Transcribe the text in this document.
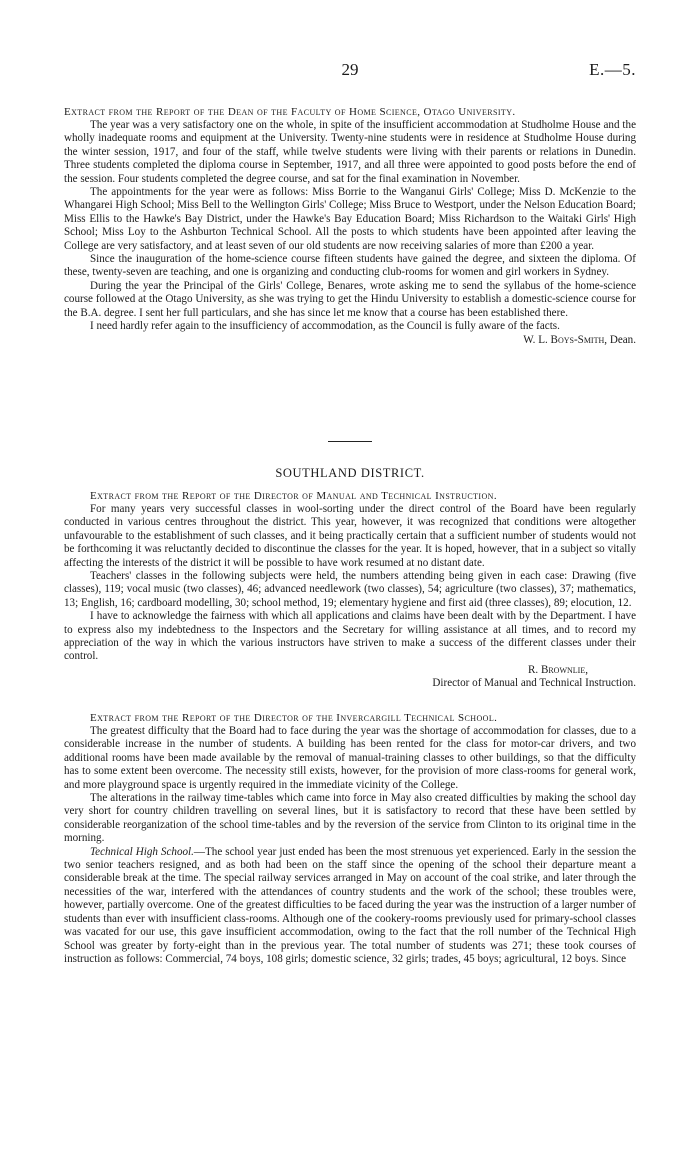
29	E.—5.
Extract from the Report of the Dean of the Faculty of Home Science, Otago University.

The year was a very satisfactory one on the whole, in spite of the insufficient accommodation at Studholme House and the wholly inadequate rooms and equipment at the University. Twenty-nine students were in residence at Studholme House during the winter session, 1917, and four of the staff, while twelve students were living with their parents or relations in Dunedin. Three students completed the diploma course in September, 1917, and all three were appointed to good posts before the end of the session. Four students completed the degree course, and sat for the final examination in November.

The appointments for the year were as follows: Miss Borrie to the Wanganui Girls' College; Miss D. McKenzie to the Whangarei High School; Miss Bell to the Wellington Girls' College; Miss Bruce to Westport, under the Nelson Education Board; Miss Ellis to the Hawke's Bay District, under the Hawke's Bay Education Board; Miss Richardson to the Waitaki Girls' High School; Miss Loy to the Ashburton Technical School. All the posts to which students have been appointed after leaving the College are very satisfactory, and at least seven of our old students are now receiving salaries of more than £200 a year.

Since the inauguration of the home-science course fifteen students have gained the degree, and sixteen the diploma. Of these, twenty-seven are teaching, and one is organizing and conducting club-rooms for women and girl workers in Sydney.

During the year the Principal of the Girls' College, Benares, wrote asking me to send the syllabus of the home-science course followed at the Otago University, as she was trying to get the Hindu University to establish a domestic-science course for the B.A. degree. I sent her full particulars, and she has since let me know that a course has been established there.

I need hardly refer again to the insufficiency of accommodation, as the Council is fully aware of the facts.
W. L. Boys-Smith, Dean.

SOUTHLAND DISTRICT.
Extract from the Report of the Director of Manual and Technical Instruction.

For many years very successful classes in wool-sorting under the direct control of the Board have been regularly conducted in various centres throughout the district. This year, however, it was recognized that conditions were altogether unfavourable to the establishment of such classes, and it being practically certain that a sufficient number of students would not be forthcoming it was reluctantly decided to discontinue the classes for the year. It is hoped, however, that in a subject so vitally affecting the interests of the district it will be possible to have work resumed at no distant date.

Teachers' classes in the following subjects were held, the numbers attending being given in each case: Drawing (five classes), 119; vocal music (two classes), 46; advanced needlework (two classes), 54; agriculture (two classes), 37; mathematics, 13; English, 16; cardboard modelling, 30; school method, 19; elementary hygiene and first aid (three classes), 89; elocution, 12.

I have to acknowledge the fairness with which all applications and claims have been dealt with by the Department. I have to express also my indebtedness to the Inspectors and the Secretary for willing assistance at all times, and to record my appreciation of the way in which the various instructors have striven to make a success of the different classes under their control.

R. Brownlie,
Director of Manual and Technical Instruction.
Extract from the Report of the Director of the Invercargill Technical School.

The greatest difficulty that the Board had to face during the year was the shortage of accommodation for classes, due to a considerable increase in the number of students. A building has been rented for the class for motor-car drivers, and two additional rooms have been made available by the removal of manual-training classes to other buildings, so that the difficulty has to some extent been overcome. The necessity still exists, however, for the provision of more class-rooms for general work, and more playground space is urgently required in the immediate vicinity of the College.

The alterations in the railway time-tables which came into force in May also created difficulties by making the school day very short for country children travelling on several lines, but it is satisfactory to record that these have been settled by considerable reorganization of the school time-tables and by the reversion of the service from Clinton to its original time in the morning.

Technical High School.—The school year just ended has been the most strenuous yet experienced. Early in the session the two senior teachers resigned, and as both had been on the staff since the opening of the school their departure meant a considerable break at the time. The special railway services arranged in May on account of the coal strike, and later through the necessities of the war, interfered with the attendances of country students and the work of the school; these troubles were, however, partially overcome. One of the greatest difficulties to be faced during the year was the instruction of a larger number of students than ever with insufficient class-rooms. Although one of the cookery-rooms previously used for primary-school classes was vacated for our use, this gave insufficient accommodation, owing to the fact that the roll number of the Technical High School was greater by forty-eight than in the previous year. The total number of students was 271; these took courses of instruction as follows: Commercial, 74 boys, 108 girls; domestic science, 32 girls; trades, 45 boys; agricultural, 12 boys. Since
